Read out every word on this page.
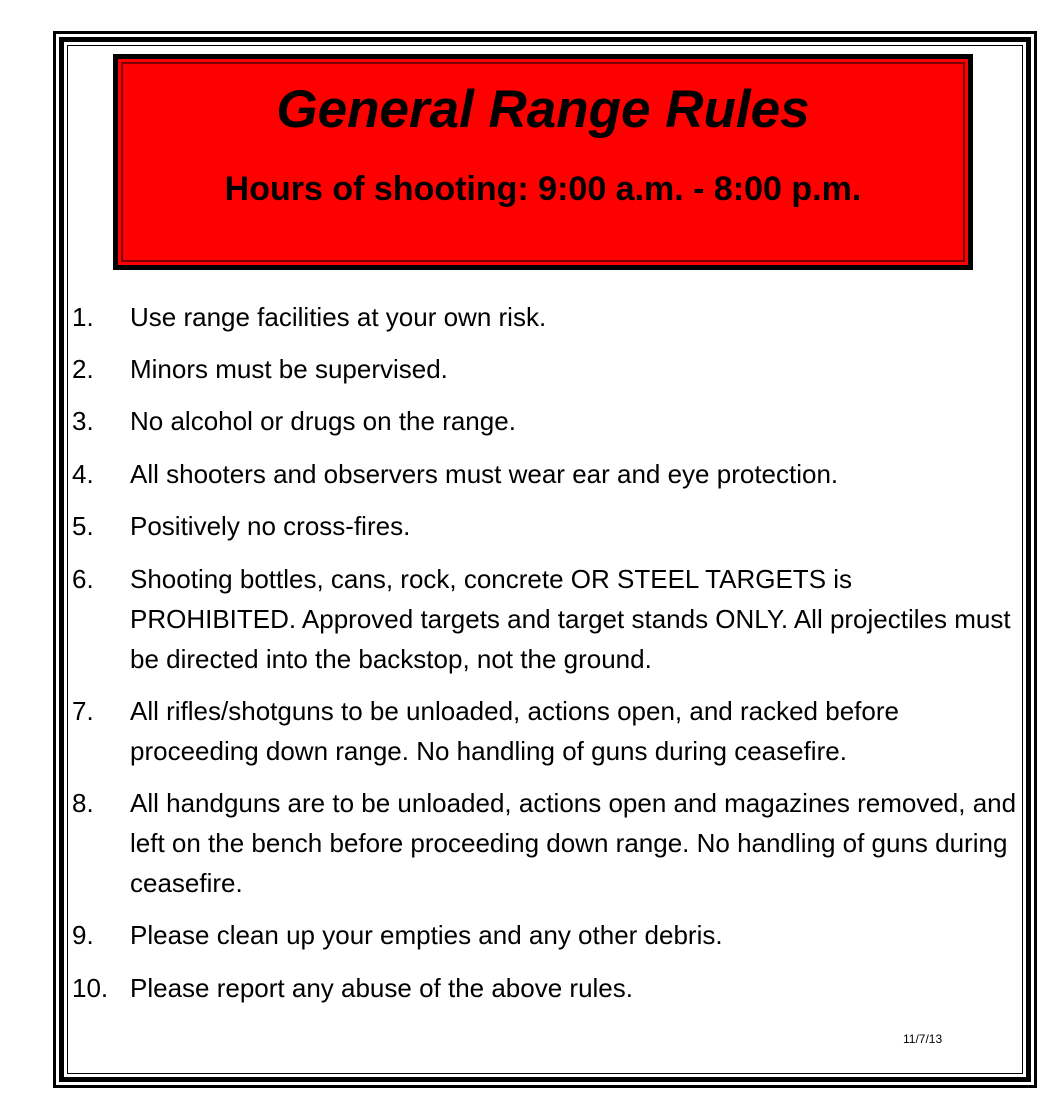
General Range Rules

Hours of shooting: 9:00 a.m. - 8:00 p.m.

1.	Use range facilities at your own risk.
2.	Minors must be supervised.
3.	No alcohol or drugs on the range.
4.	All shooters and observers must wear ear and eye protection.
5.	Positively no cross-fires.
6.	Shooting bottles, cans, rock, concrete OR STEEL TARGETS is PROHIBITED. Approved targets and target stands ONLY. All projectiles must be directed into the backstop, not the ground.
7.	All rifles/shotguns to be unloaded, actions open, and racked before proceeding down range. No handling of guns during ceasefire.
8.	All handguns are to be unloaded, actions open and magazines removed, and left on the bench before proceeding down range. No handling of guns during ceasefire.
9.	Please clean up your empties and any other debris.
10. Please report any abuse of the above rules.
11/7/13
